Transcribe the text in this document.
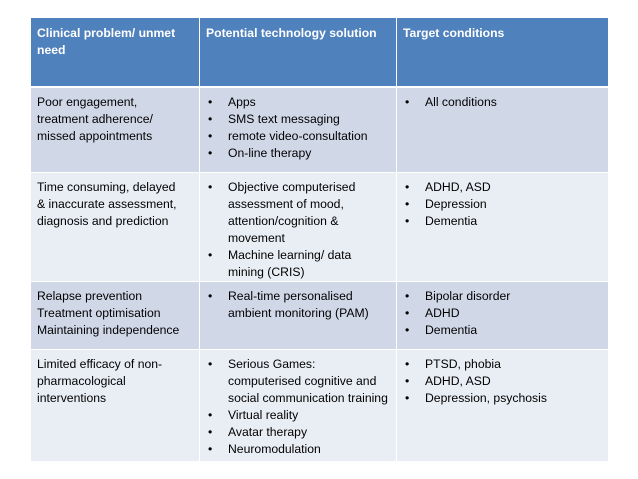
Clinical problem/ unmet need
Potential technology solution	Target conditions
Poor engagement,
treatment adherence/
missed appointments
• Apps
• SMS text messaging
• remote video-consultation
• On-line therapy
• All conditions
Time consuming, delayed
& inaccurate assessment,
diagnosis and prediction
• Objective computerised assessment of mood, attention/cognition & movement
• Machine learning/ data mining (CRIS)
• ADHD, ASD
• Depression
• Dementia
Relapse prevention
Treatment optimisation
Maintaining independence
• Real-time personalised ambient monitoring (PAM)
• Bipolar disorder
• ADHD
• Dementia
Limited efficacy of non-
pharmacological
interventions
• Serious Games: computerised cognitive and social communication training
• Virtual reality
• Avatar therapy
• Neuromodulation
• PTSD, phobia
• ADHD, ASD
• Depression, psychosis
